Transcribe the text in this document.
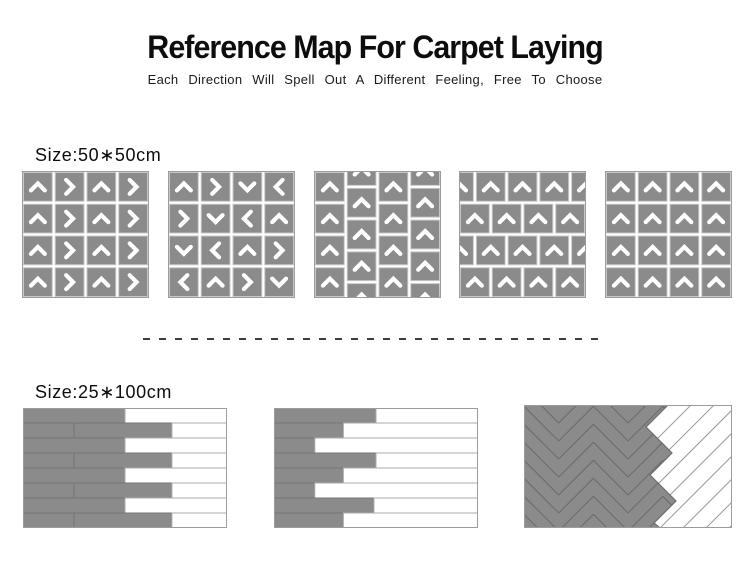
Reference Map For Carpet Laying

Each Direction Will Spell Out A Different Feeling, Free To Choose

Size:50∗50cm
Size:25∗100cm
